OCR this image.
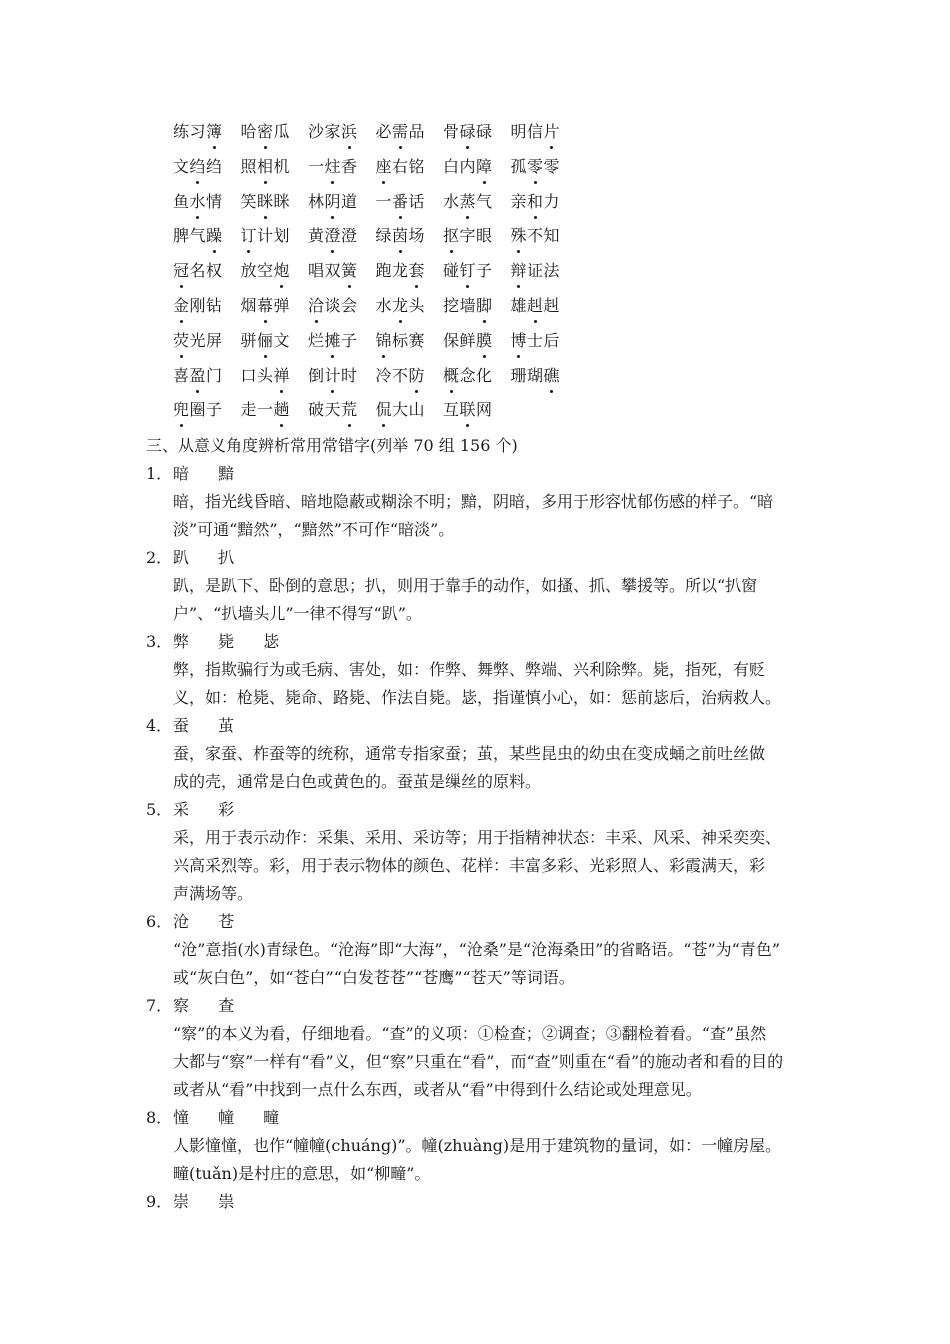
练习簿	哈密瓜	沙家浜	必需品	骨碌碌	明信片
文绉绉	照相机	一炷香	座右铭	白内障	孤零零
鱼水情	笑眯眯	林阴道	一番话	水蒸气	亲和力
脾气躁	订计划	黄澄澄	绿茵场	抠字眼	殊不知
冠名权	放空炮	唱双簧	跑龙套	碰钉子	辩证法
金刚钻	烟幕弹	洽谈会	水龙头	挖墙脚	雄赳赳
荧光屏	骈俪文	烂摊子	锦标赛	保鲜膜	博士后
喜盈门	口头禅	倒计时	冷不防	概念化	珊瑚礁
兜圈子	走一趟	破天荒	侃大山	互联网
三、从意义角度辨析常用常错字(列举 70 组 156 个)
1．暗 黯
暗，指光线昏暗、暗地隐蔽或糊涂不明；黯，阴暗，多用于形容忧郁伤感的样子。“暗
淡”可通“黯然”，“黯然”不可作“暗淡”。
2．趴 扒
趴，是趴下、卧倒的意思；扒，则用于靠手的动作，如搔、抓、攀援等。所以“扒窗
户”、“扒墙头儿”一律不得写“趴”。
3．弊 毙 毖
弊，指欺骗行为或毛病、害处，如：作弊、舞弊、弊端、兴利除弊。毙，指死，有贬
义，如：枪毙、毙命、路毙、作法自毙。毖，指谨慎小心，如：惩前毖后，治病救人。
4．蚕 茧
蚕，家蚕、柞蚕等的统称，通常专指家蚕；茧，某些昆虫的幼虫在变成蛹之前吐丝做
成的壳，通常是白色或黄色的。蚕茧是缫丝的原料。
5．采 彩
采，用于表示动作：采集、采用、采访等；用于指精神状态：丰采、风采、神采奕奕、
兴高采烈等。彩，用于表示物体的颜色、花样：丰富多彩、光彩照人、彩霞满天，彩
声满场等。
6．沧 苍
“沧”意指(水)青绿色。“沧海”即“大海”，“沧桑”是“沧海桑田”的省略语。“苍”为“青色”
或“灰白色”，如“苍白”“白发苍苍”“苍鹰”“苍天”等词语。
7．察 查
“察”的本义为看，仔细地看。“查”的义项：①检查；②调查；③翻检着看。“查”虽然
大都与“察”一样有“看”义，但“察”只重在“看”，而“查”则重在“看”的施动者和看的目的
或者从“看”中找到一点什么东西，或者从“看”中得到什么结论或处理意见。
8．憧 幢 疃
人影憧憧，也作“幢幢(chuáng)”。幢(zhuàng)是用于建筑物的量词，如：一幢房屋。
疃(tuǎn)是村庄的意思，如“柳疃”。
9．崇 祟
